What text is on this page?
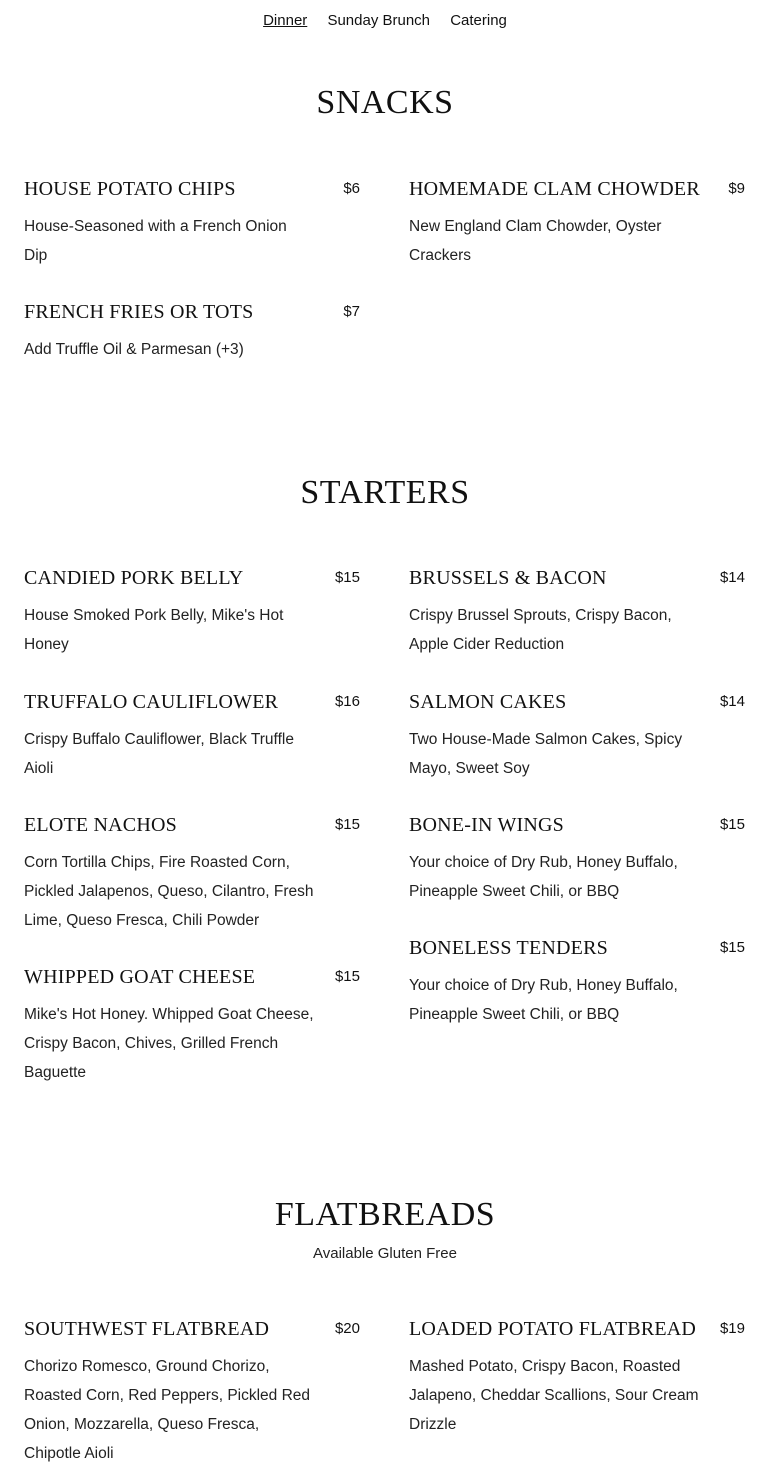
Dinner Sunday Brunch Catering
SNACKS
HOUSE POTATO CHIPS	$6
House-Seasoned with a French Onion Dip
HOMEMADE CLAM CHOWDER $9
New England Clam Chowder, Oyster Crackers
FRENCH FRIES OR TOTS	$7
Add Truffle Oil & Parmesan (+3)
STARTERS
CANDIED PORK BELLY	$15
House Smoked Pork Belly, Mike's Hot Honey
BRUSSELS & BACON	$14
Crispy Brussel Sprouts, Crispy Bacon, Apple Cider Reduction
TRUFFALO CAULIFLOWER	$16
Crispy Buffalo Cauliflower, Black Truffle Aioli
SALMON CAKES	$14
Two House-Made Salmon Cakes, Spicy Mayo, Sweet Soy
ELOTE NACHOS	$15
Corn Tortilla Chips, Fire Roasted Corn, Pickled Jalapenos, Queso, Cilantro, Fresh Lime, Queso Fresca, Chili Powder
BONE-IN WINGS	$15
Your choice of Dry Rub, Honey Buffalo, Pineapple Sweet Chili, or BBQ
WHIPPED GOAT CHEESE	$15
Mike's Hot Honey. Whipped Goat Cheese, Crispy Bacon, Chives, Grilled French Baguette
BONELESS TENDERS	$15
Your choice of Dry Rub, Honey Buffalo, Pineapple Sweet Chili, or BBQ
FLATBREADS
Available Gluten Free
SOUTHWEST FLATBREAD	$20
Chorizo Romesco, Ground Chorizo, Roasted Corn, Red Peppers, Pickled Red Onion, Mozzarella, Queso Fresca, Chipotle Aioli
LOADED POTATO FLATBREAD $19
Mashed Potato, Crispy Bacon, Roasted Jalapeno, Cheddar Scallions, Sour Cream Drizzle
